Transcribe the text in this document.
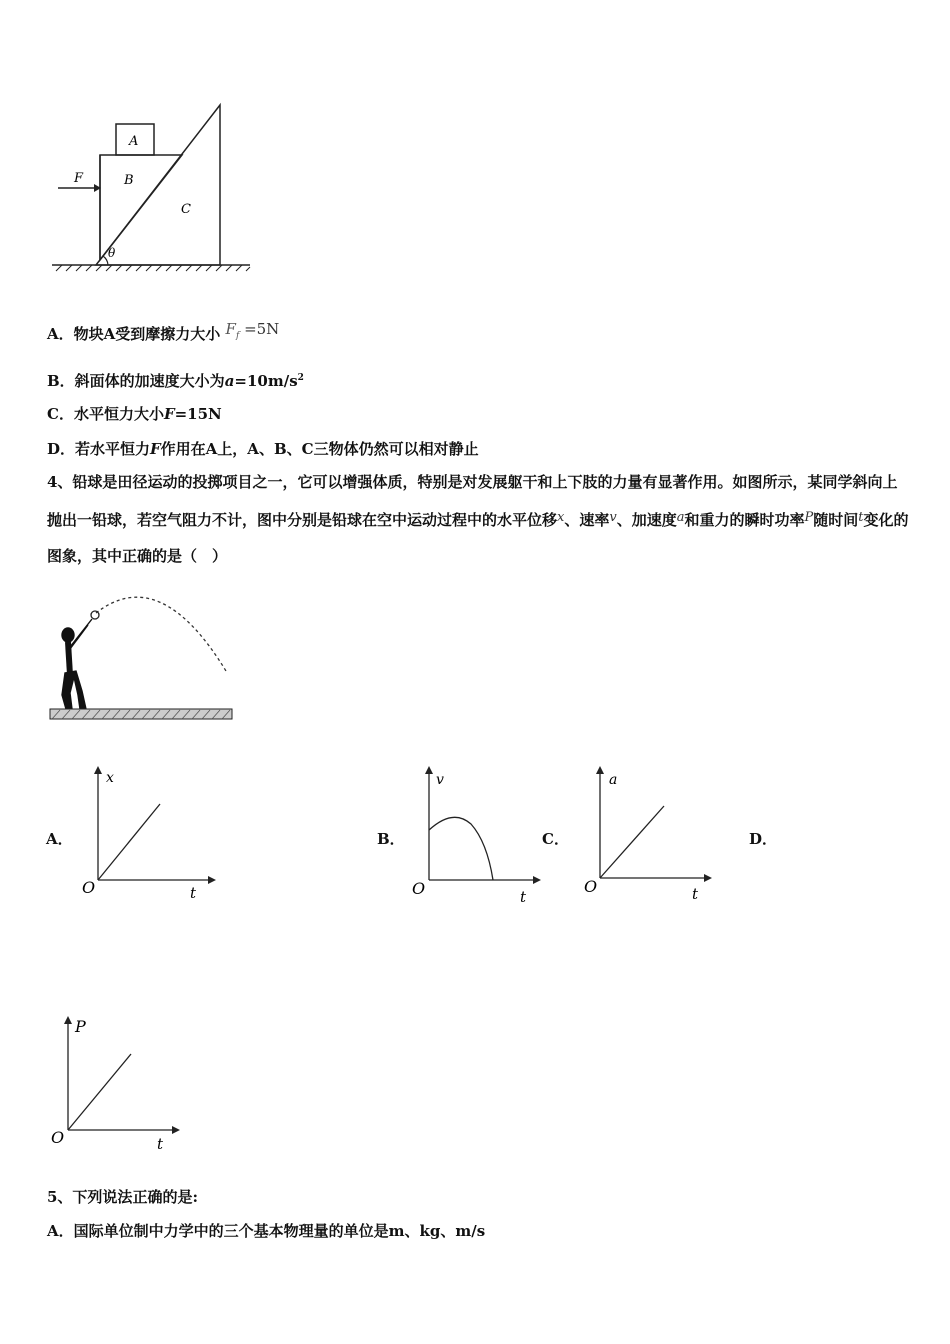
A
B
C
F
θ
A．物块A受到摩擦力大小 $F_f =5N$
B．斜面体的加速度大小为$a=10m/s^2$
C．水平恒力大小F=15N
D．若水平恒力F作用在A上，A、B、C三物体仍然可以相对静止
4、铅球是田径运动的投掷项目之一，它可以增强体质，特别是对发展躯干和上下肢的力量有显著作用。如图所示，某同学斜向上抛出一铅球，若空气阻力不计，图中分别是铅球在空中运动过程中的水平位移x、速率v、加速度a和重力的瞬时功率P随时间t变化的图象，其中正确的是（　）
A．	B．	C．	D．
x
t
O
v
t
O
a
t
O
P
t
O
5、下列说法正确的是:
A．国际单位制中力学中的三个基本物理量的单位是m、kg、m/s
